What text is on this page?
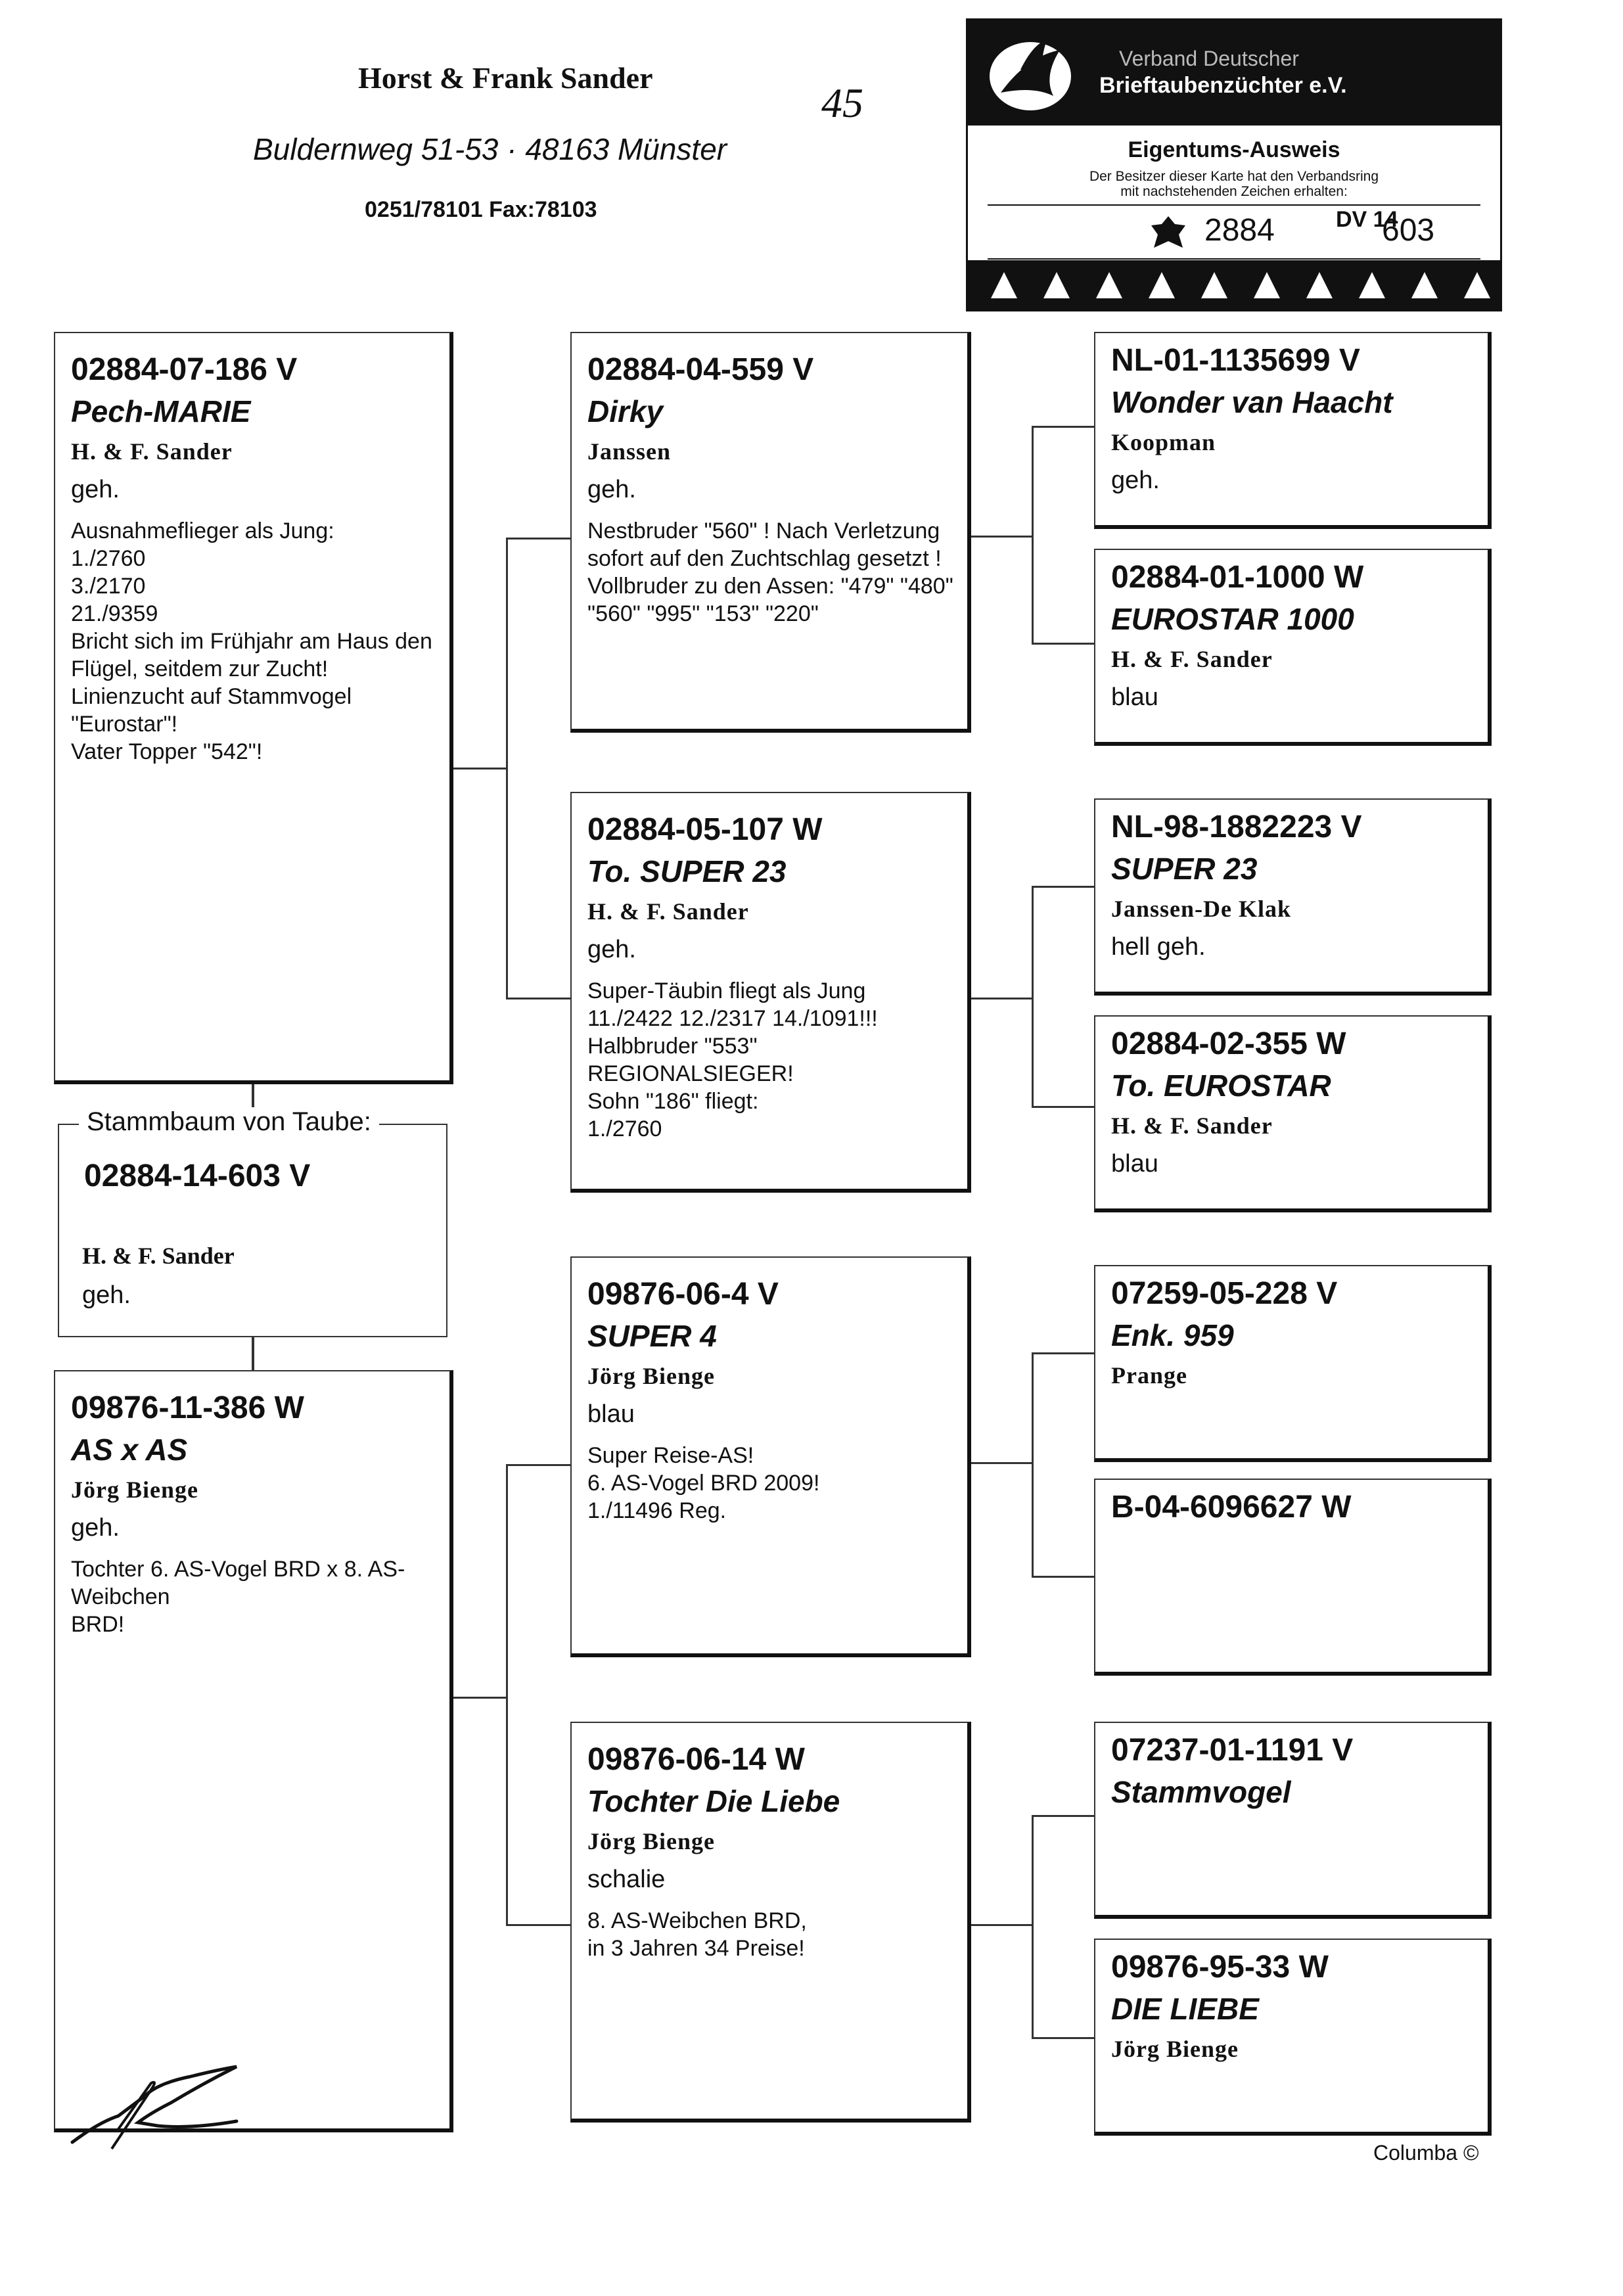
Horst & Frank Sander
Buldernweg 51-53 · 48163 Münster
0251/78101 Fax:78103
45
Verband Deutscher
Brieftaubenzüchter e.V.
Eigentums-Ausweis
Der Besitzer dieser Karte hat den Verbandsring
mit nachstehenden Zeichen erhalten:
2884	DV 14
603
02884-07-186 V
Pech-MARIE
H. & F. Sander
geh.
Ausnahmeflieger als Jung:
1./2760
3./2170
21./9359
Bricht sich im Frühjahr am Haus den Flügel, seitdem zur Zucht!
Linienzucht auf Stammvogel "Eurostar"!
Vater Topper "542"!
Stammbaum von Taube:
02884-14-603 V
H. & F. Sander
geh.
09876-11-386 W
AS x AS
Jörg Bienge
geh.
Tochter 6. AS-Vogel BRD x 8. AS-Weibchen
BRD!
02884-04-559 V
Dirky
Janssen
geh.
Nestbruder "560" ! Nach Verletzung sofort auf den Zuchtschlag gesetzt !
Vollbruder zu den Assen: "479" "480" "560" "995" "153" "220"
02884-05-107 W
To. SUPER 23
H. & F. Sander
geh.
Super-Täubin fliegt als Jung
11./2422 12./2317 14./1091!!!
Halbbruder "553"
REGIONALSIEGER!
Sohn "186" fliegt:
1./2760
09876-06-4 V
SUPER 4
Jörg Bienge
blau
Super Reise-AS!
6. AS-Vogel BRD 2009!
1./11496 Reg.
09876-06-14 W
Tochter Die Liebe
Jörg Bienge
schalie
8. AS-Weibchen BRD,
in 3 Jahren 34 Preise!
NL-01-1135699 V
Wonder van Haacht
Koopman
geh.
02884-01-1000 W
EUROSTAR 1000
H. & F. Sander
blau
NL-98-1882223 V
SUPER 23
Janssen-De Klak
hell geh.
02884-02-355 W
To. EUROSTAR
H. & F. Sander
blau
07259-05-228 V
Enk. 959
Prange
B-04-6096627 W
07237-01-1191 V
Stammvogel
09876-95-33 W
DIE LIEBE
Jörg Bienge
Columba ©
